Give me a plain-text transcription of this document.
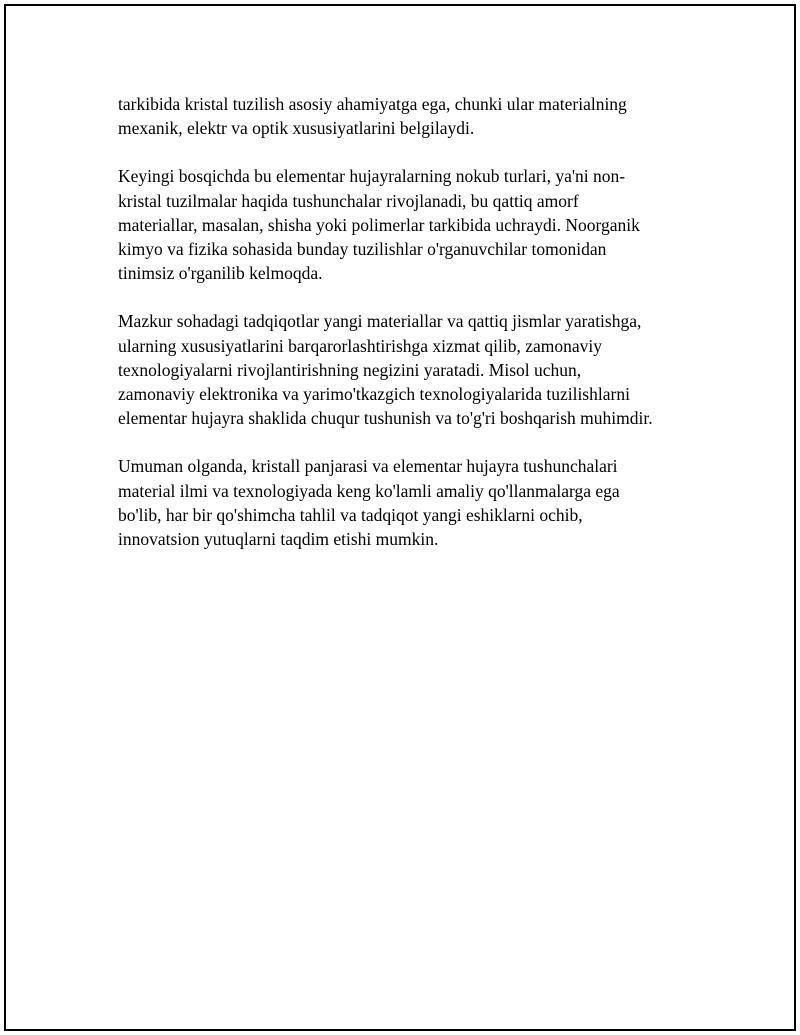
tarkibida kristal tuzilish asosiy ahamiyatga ega, chunki ular materialning
mexanik, elektr va optik xususiyatlarini belgilaydi.

Keyingi bosqichda bu elementar hujayralarning nokub turlari, ya'ni non-
kristal tuzilmalar haqida tushunchalar rivojlanadi, bu qattiq amorf
materiallar, masalan, shisha yoki polimerlar tarkibida uchraydi. Noorganik
kimyo va fizika sohasida bunday tuzilishlar o'rganuvchilar tomonidan
tinimsiz o'rganilib kelmoqda.

Mazkur sohadagi tadqiqotlar yangi materiallar va qattiq jismlar yaratishga,
ularning xususiyatlarini barqarorlashtirishga xizmat qilib, zamonaviy
texnologiyalarni rivojlantirishning negizini yaratadi. Misol uchun,
zamonaviy elektronika va yarimo'tkazgich texnologiyalarida tuzilishlarni
elementar hujayra shaklida chuqur tushunish va to'g'ri boshqarish muhimdir.

Umuman olganda, kristall panjarasi va elementar hujayra tushunchalari
material ilmi va texnologiyada keng ko'lamli amaliy qo'llanmalarga ega
bo'lib, har bir qo'shimcha tahlil va tadqiqot yangi eshiklarni ochib,
innovatsion yutuqlarni taqdim etishi mumkin.
